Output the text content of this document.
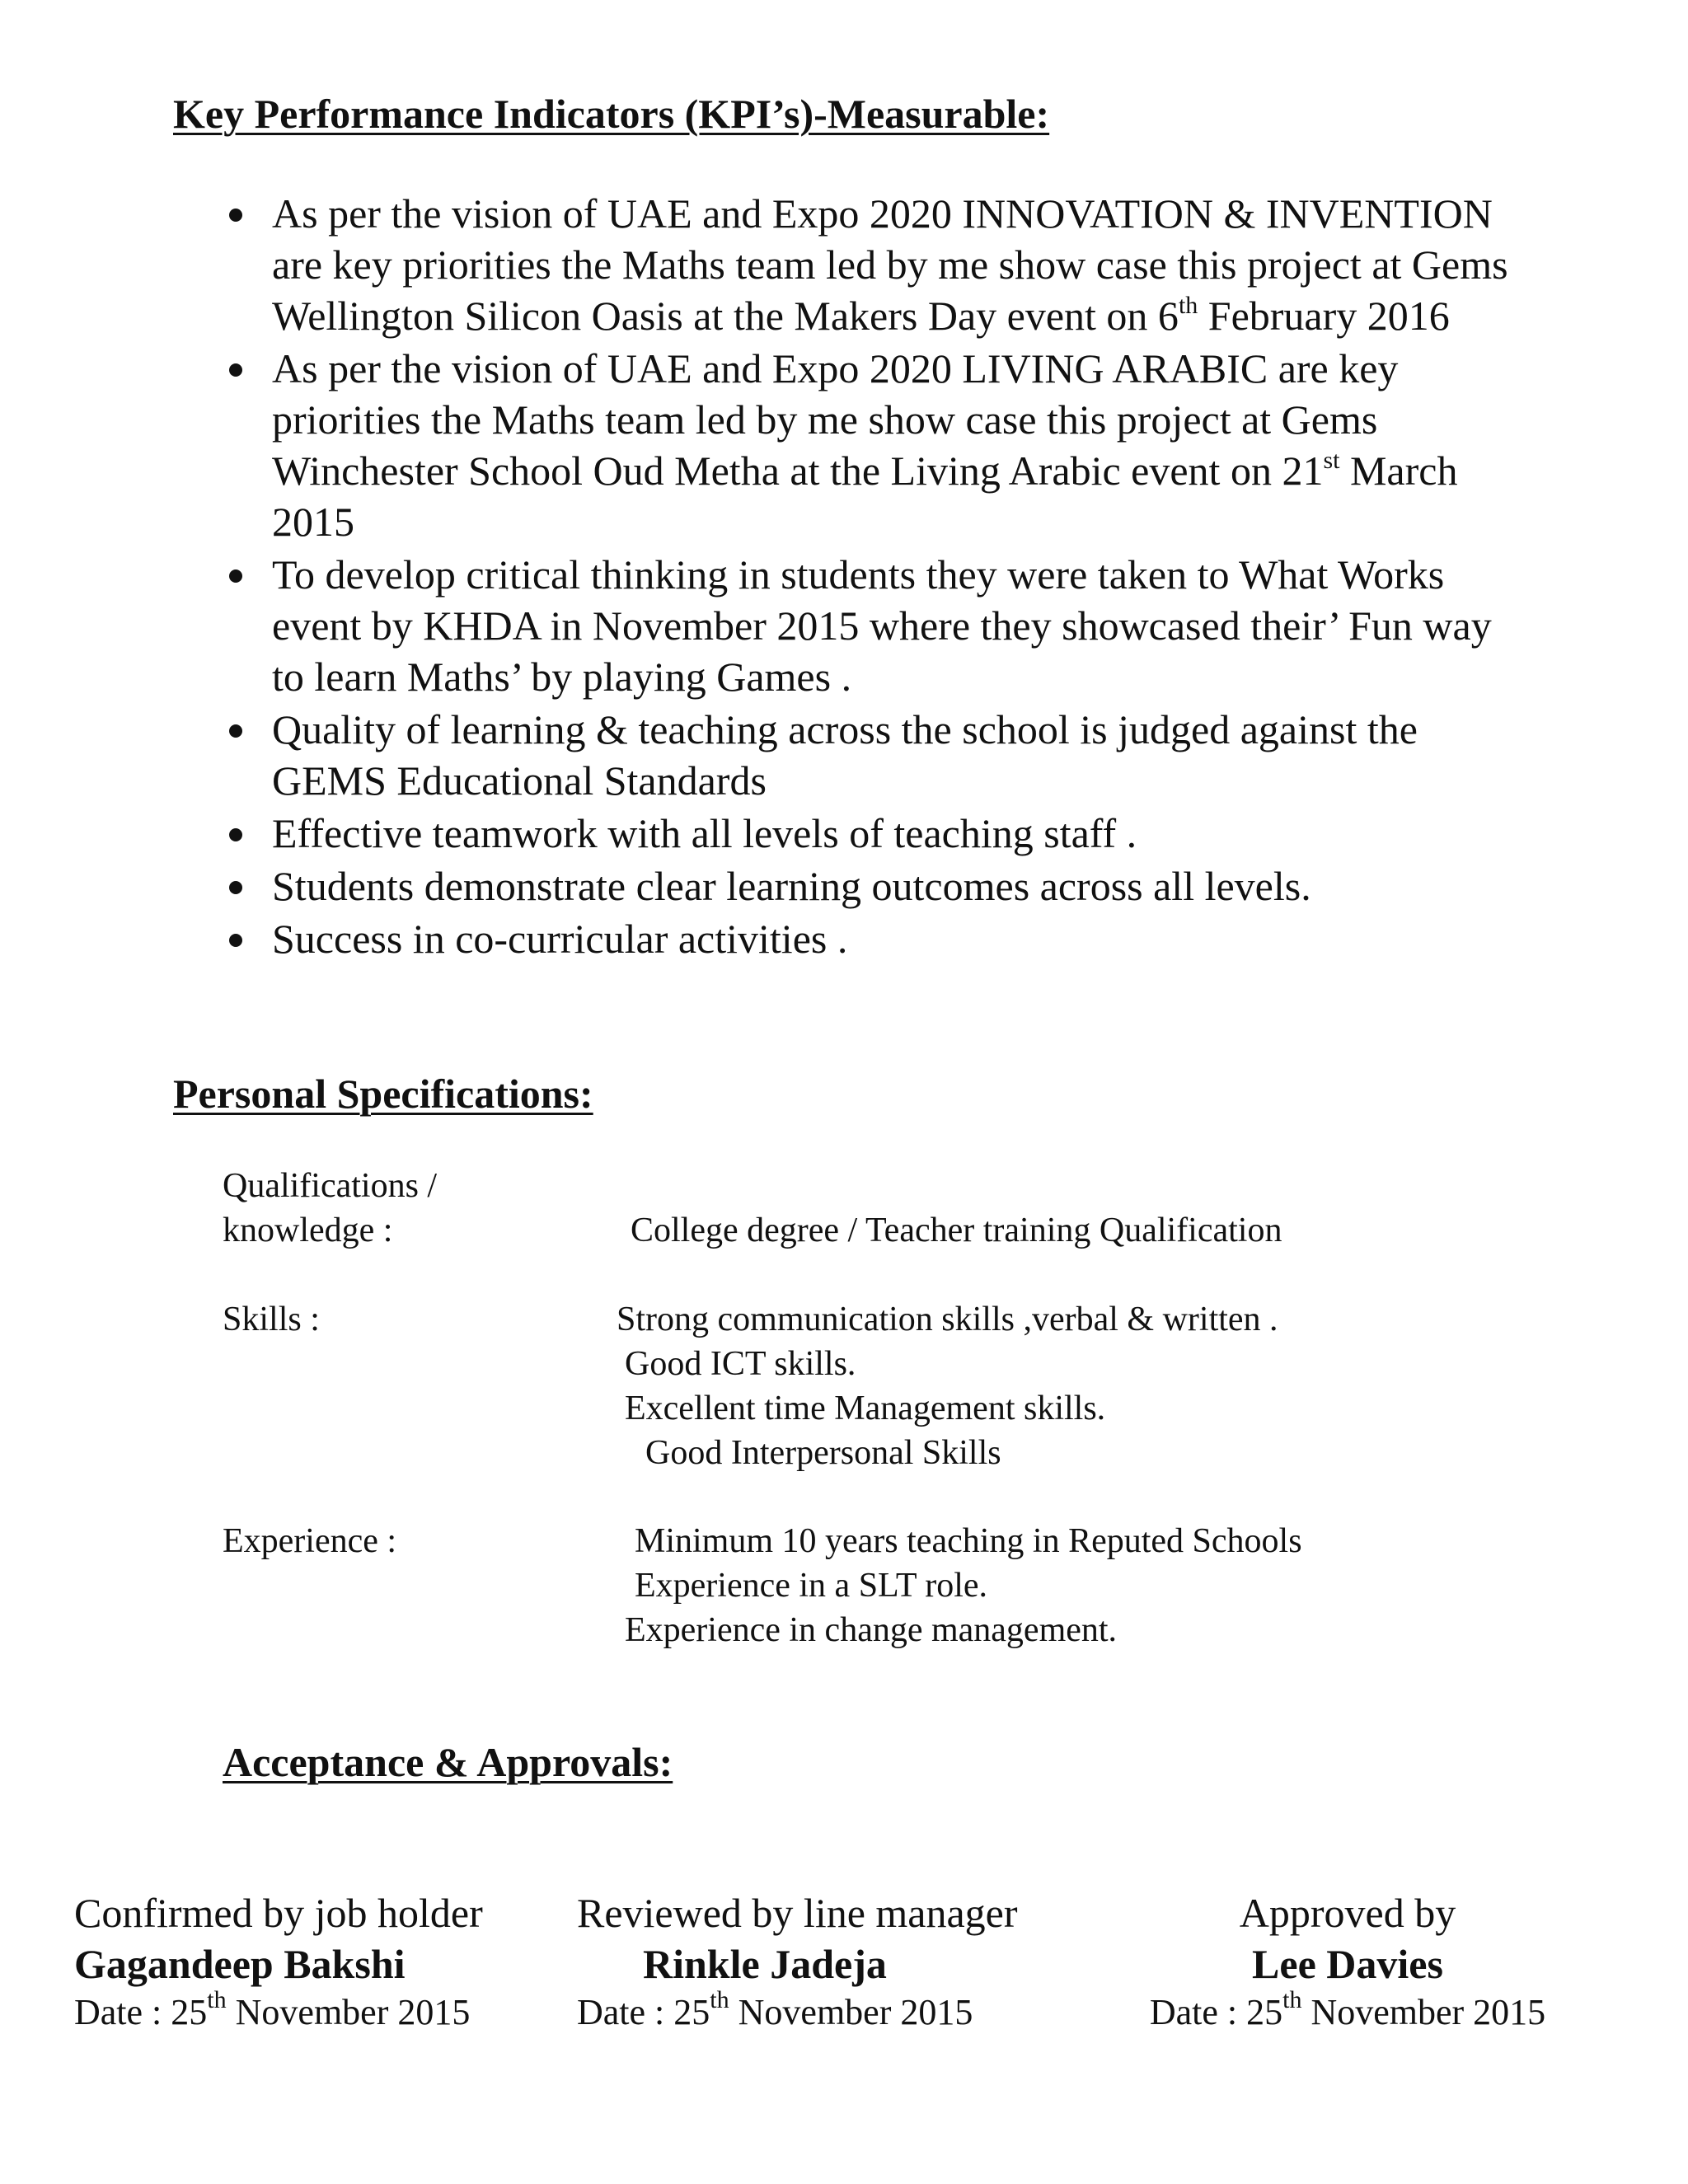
Key Performance Indicators (KPI’s)-Measurable:
As per the vision of UAE and Expo 2020 INNOVATION & INVENTION are key priorities the Maths team led by me show case this project at Gems Wellington Silicon Oasis at the Makers Day event on 6th February 2016
As per the vision of UAE and Expo 2020 LIVING ARABIC are key priorities the Maths team led by me show case this project at Gems Winchester School Oud Metha at the Living Arabic event on 21st March 2015
To develop critical thinking in students they were taken to What Works event by KHDA in November 2015 where they showcased their’ Fun way to learn Maths’ by playing Games .
Quality of learning & teaching across the school is judged against the GEMS Educational Standards
Effective teamwork with all levels of teaching staff .
Students demonstrate clear learning outcomes across all levels.
Success in co-curricular activities .
Personal Specifications:
Qualifications /
knowledge :	College degree / Teacher training Qualification
Skills :	Strong communication skills ,verbal & written .
Good ICT skills.
Excellent time Management skills.
Good Interpersonal Skills
Experience :	Minimum 10 years teaching in Reputed Schools
Experience in a SLT role.
Experience in change management.
Acceptance & Approvals:
Confirmed by job holder
Gagandeep Bakshi
Date : 25th November 2015
Reviewed by line manager
Rinkle Jadeja
Date : 25th November 2015
Approved by
Lee Davies
Date : 25th November 2015
